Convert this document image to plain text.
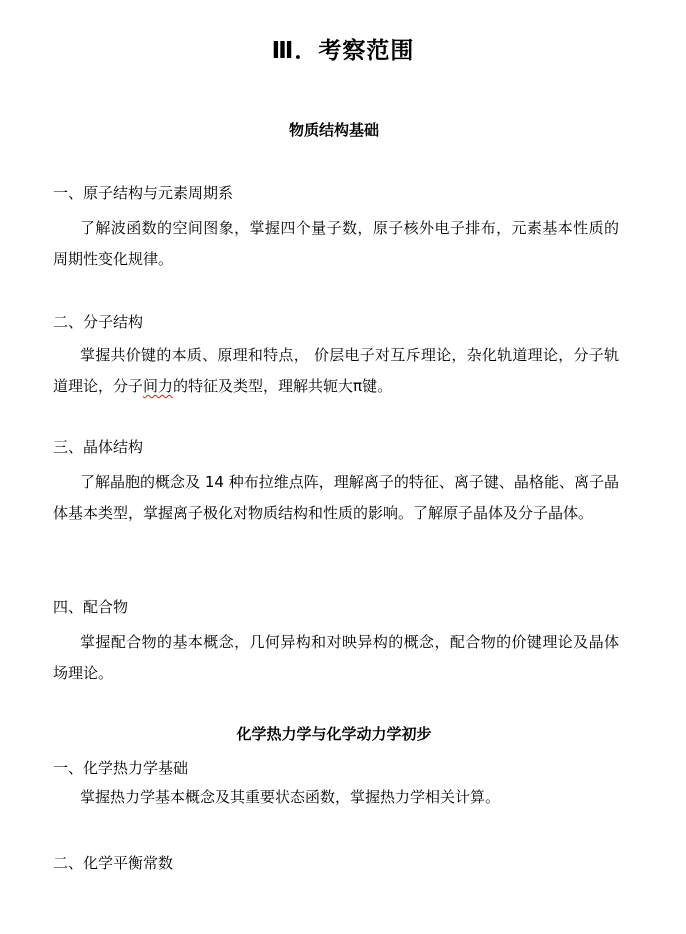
Ⅲ．考察范围
物质结构基础
一、原子结构与元素周期系

了解波函数的空间图象，掌握四个量子数，原子核外电子排布，元素基本性质的周期性变化规律。

二、分子结构

掌握共价键的本质、原理和特点， 价层电子对互斥理论，杂化轨道理论，分子轨道理论，分子间力的特征及类型，理解共轭大π键。

三、晶体结构

了解晶胞的概念及 14 种布拉维点阵，理解离子的特征、离子键、晶格能、离子晶体基本类型，掌握离子极化对物质结构和性质的影响。了解原子晶体及分子晶体。

四、配合物

掌握配合物的基本概念，几何异构和对映异构的概念，配合物的价键理论及晶体场理论。

化学热力学与化学动力学初步
一、化学热力学基础

掌握热力学基本概念及其重要状态函数，掌握热力学相关计算。

二、化学平衡常数
